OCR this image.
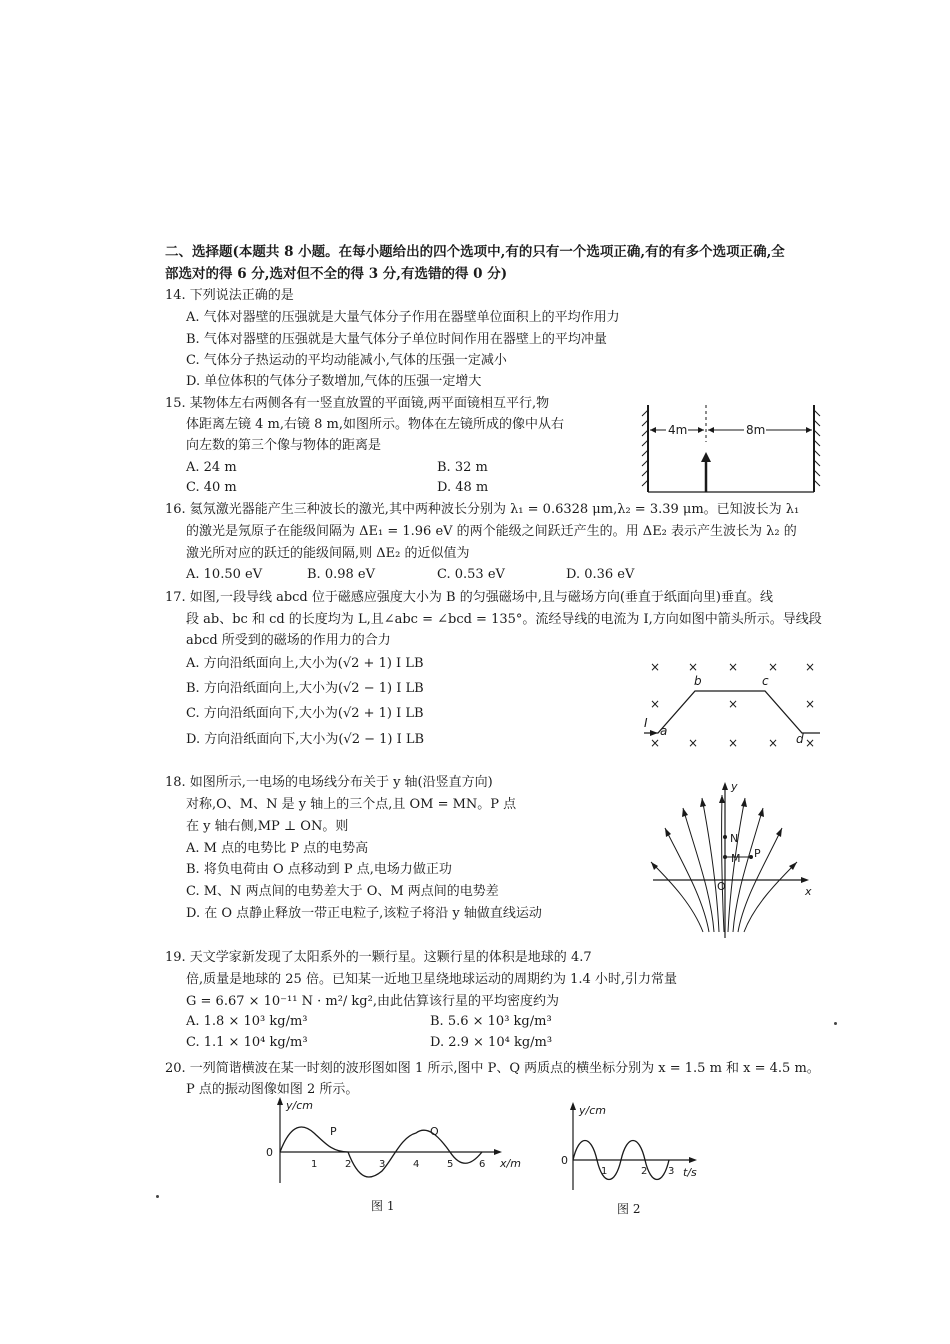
二、选择题(本题共 8 小题。在每小题给出的四个选项中,有的只有一个选项正确,有的有多个选项正确,全
部选对的得 6 分,选对但不全的得 3 分,有选错的得 0 分)
14. 下列说法正确的是
A. 气体对器壁的压强就是大量气体分子作用在器壁单位面积上的平均作用力
B. 气体对器壁的压强就是大量气体分子单位时间作用在器壁上的平均冲量
C. 气体分子热运动的平均动能减小,气体的压强一定减小
D. 单位体积的气体分子数增加,气体的压强一定增大
15. 某物体左右两侧各有一竖直放置的平面镜,两平面镜相互平行,物
体距离左镜 4 m,右镜 8 m,如图所示。物体在左镜所成的像中从右
向左数的第三个像与物体的距离是
A. 24 m	B. 32 m
C. 40 m	D. 48 m
4m	8m
16. 氦氖激光器能产生三种波长的激光,其中两种波长分别为 λ₁ = 0.6328 μm,λ₂ = 3.39 μm。已知波长为 λ₁
的激光是氖原子在能级间隔为 ΔE₁ = 1.96 eV 的两个能级之间跃迁产生的。用 ΔE₂ 表示产生波长为 λ₂ 的
激光所对应的跃迁的能级间隔,则 ΔE₂ 的近似值为
A. 10.50 eV	B. 0.98 eV	C. 0.53 eV	D. 0.36 eV
17. 如图,一段导线 abcd 位于磁感应强度大小为 B 的匀强磁场中,且与磁场方向(垂直于纸面向里)垂直。线
段 ab、bc 和 cd 的长度均为 L,且∠abc = ∠bcd = 135°。流经导线的电流为 I,方向如图中箭头所示。导线段
abcd 所受到的磁场的作用力的合力
A. 方向沿纸面向上,大小为(√2 + 1) I LB
B. 方向沿纸面向上,大小为(√2 − 1) I LB
C. 方向沿纸面向下,大小为(√2 + 1) I LB
D. 方向沿纸面向下,大小为(√2 − 1) I LB
× × × × ×
×	×	×
× × × × ×
I
a
b	c
d
18. 如图所示,一电场的电场线分布关于 y 轴(沿竖直方向)
对称,O、M、N 是 y 轴上的三个点,且 OM = MN。P 点
在 y 轴右侧,MP ⊥ ON。则
A. M 点的电势比 P 点的电势高
B. 将负电荷由 O 点移动到 P 点,电场力做正功
C. M、N 两点间的电势差大于 O、M 两点间的电势差
D. 在 O 点静止释放一带正电粒子,该粒子将沿 y 轴做直线运动
y
x
N
M P
O
19. 天文学家新发现了太阳系外的一颗行星。这颗行星的体积是地球的 4.7
倍,质量是地球的 25 倍。已知某一近地卫星绕地球运动的周期约为 1.4 小时,引力常量
G = 6.67 × 10⁻¹¹ N · m²/ kg²,由此估算该行星的平均密度约为
A. 1.8 × 10³ kg/m³	B. 5.6 × 10³ kg/m³
C. 1.1 × 10⁴ kg/m³	D. 2.9 × 10⁴ kg/m³
20. 一列简谐横波在某一时刻的波形图如图 1 所示,图中 P、Q 两质点的横坐标分别为 x = 1.5 m 和 x = 4.5 m。
P 点的振动图像如图 2 所示。
y/cm
x/m
0
P	Q
1	2	3	4	5	6
图 1
y/cm
t/s
0
1	2 3
图 2
